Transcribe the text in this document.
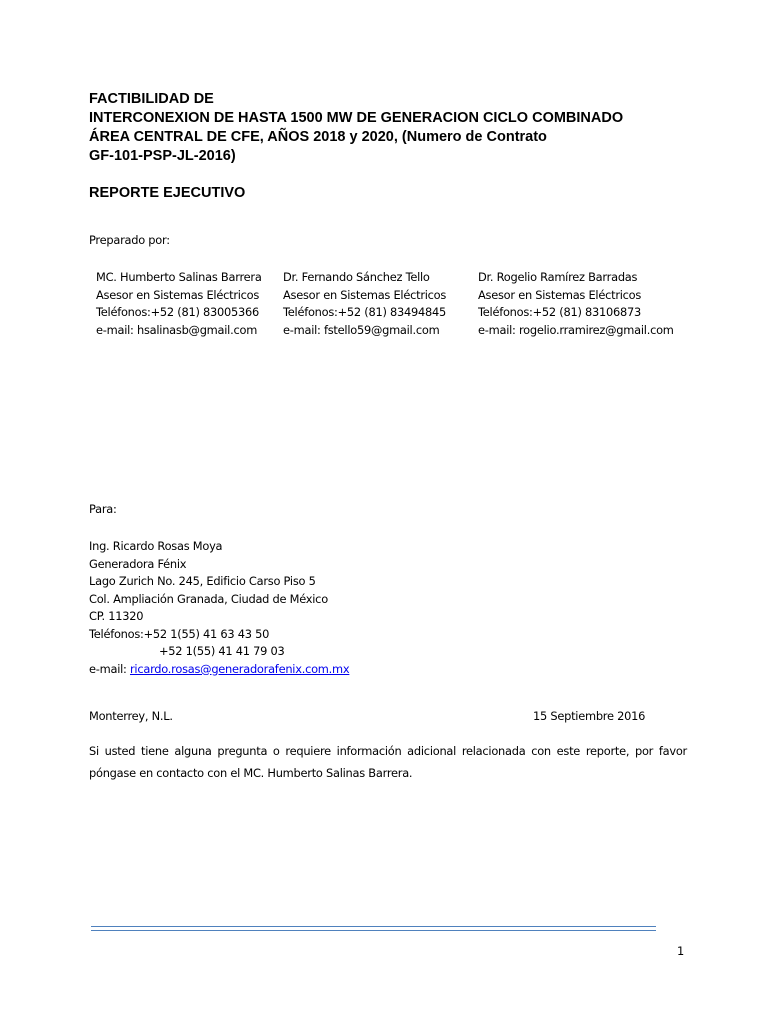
FACTIBILIDAD DE
INTERCONEXION DE HASTA 1500 MW DE GENERACION CICLO COMBINADO
ÁREA CENTRAL DE CFE, AÑOS 2018 y 2020, (Numero de Contrato
GF-101-PSP-JL-2016)
REPORTE EJECUTIVO
Preparado por:
MC. Humberto Salinas Barrera
Asesor en Sistemas Eléctricos
Teléfonos:+52 (81) 83005366
e-mail: hsalinasb@gmail.com
Dr. Fernando Sánchez Tello
Asesor en Sistemas Eléctricos
Teléfonos:+52 (81) 83494845
e-mail: fstello59@gmail.com
Dr. Rogelio Ramírez Barradas
Asesor en Sistemas Eléctricos
Teléfonos:+52 (81) 83106873
e-mail: rogelio.rramirez@gmail.com
Para:
Ing. Ricardo Rosas Moya
Generadora Fénix
Lago Zurich No. 245, Edificio Carso Piso 5
Col. Ampliación Granada, Ciudad de México
CP. 11320
Teléfonos:+52 1(55) 41 63 43 50
+52 1(55) 41 41 79 03
e-mail: ricardo.rosas@generadorafenix.com.mx
Monterrey, N.L.	15 Septiembre 2016
Si usted tiene alguna pregunta o requiere información adicional relacionada con este reporte, por favor
póngase en contacto con el MC. Humberto Salinas Barrera.
1
